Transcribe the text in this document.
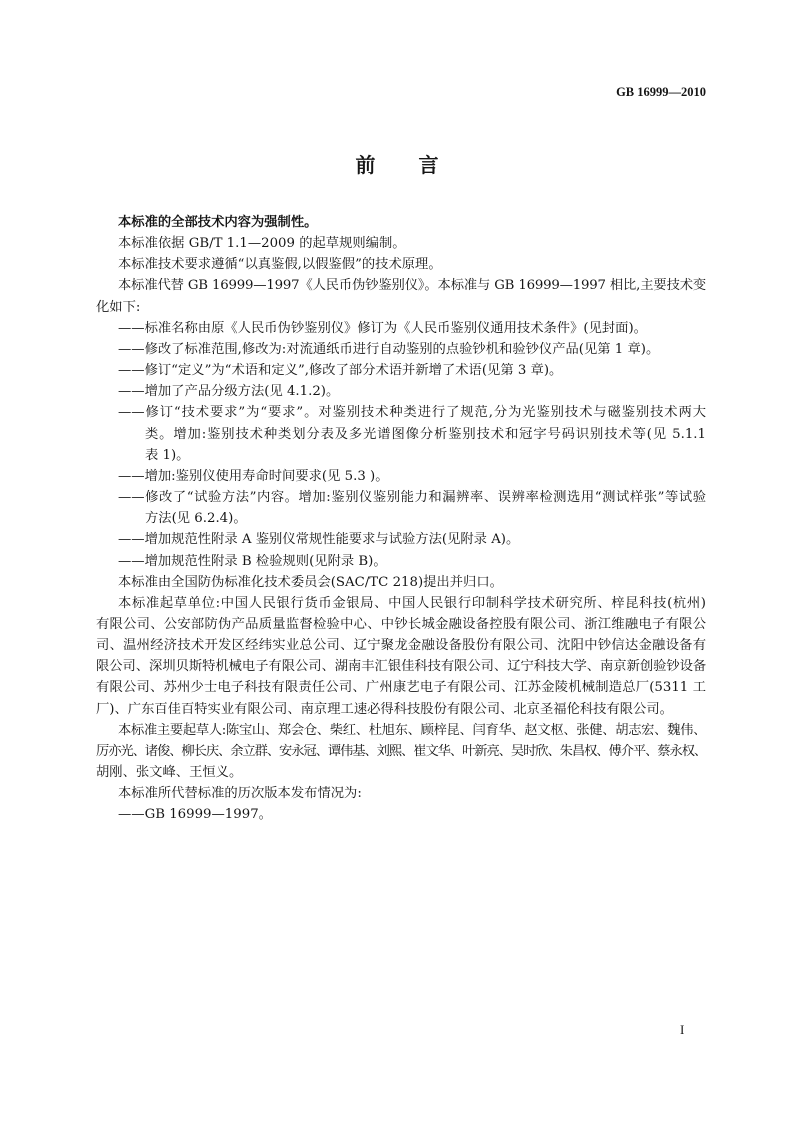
GB 16999—2010
前言
本标准的全部技术内容为强制性。
本标准依据 GB/T 1.1—2009 的起草规则编制。
本标准技术要求遵循“以真鉴假,以假鉴假”的技术原理。
本标准代替 GB 16999—1997《人民币伪钞鉴别仪》。本标准与 GB 16999—1997 相比,主要技术变
化如下:
——标准名称由原《人民币伪钞鉴别仪》修订为《人民币鉴别仪通用技术条件》(见封面)。
——修改了标准范围,修改为:对流通纸币进行自动鉴别的点验钞机和验钞仪产品(见第 1 章)。
——修订“定义”为“术语和定义”,修改了部分术语并新增了术语(见第 3 章)。
——增加了产品分级方法(见 4.1.2)。
——修订“技术要求”为“要求”。对鉴别技术种类进行了规范,分为光鉴别技术与磁鉴别技术两大
类。增加:鉴别技术种类划分表及多光谱图像分析鉴别技术和冠字号码识别技术等(见 5.1.1
表 1)。
——增加:鉴别仪使用寿命时间要求(见 5.3 )。
——修改了“试验方法”内容。增加:鉴别仪鉴别能力和漏辨率、误辨率检测选用“测试样张”等试验
方法(见 6.2.4)。
——增加规范性附录 A 鉴别仪常规性能要求与试验方法(见附录 A)。
——增加规范性附录 B 检验规则(见附录 B)。
本标准由全国防伪标准化技术委员会(SAC/TC 218)提出并归口。
本标准起草单位:中国人民银行货币金银局、中国人民银行印制科学技术研究所、梓昆科技(杭州)
有限公司、公安部防伪产品质量监督检验中心、中钞长城金融设备控股有限公司、浙江维融电子有限公
司、温州经济技术开发区经纬实业总公司、辽宁聚龙金融设备股份有限公司、沈阳中钞信达金融设备有
限公司、深圳贝斯特机械电子有限公司、湖南丰汇银佳科技有限公司、辽宁科技大学、南京新创验钞设备
有限公司、苏州少士电子科技有限责任公司、广州康艺电子有限公司、江苏金陵机械制造总厂(5311 工
厂)、广东百佳百特实业有限公司、南京理工速必得科技股份有限公司、北京圣福伦科技有限公司。
本标准主要起草人:陈宝山、郑会仓、柴红、杜旭东、顾梓昆、闫育华、赵文枢、张健、胡志宏、魏伟、
厉亦光、诸俊、柳长庆、余立群、安永冠、谭伟基、刘熙、崔文华、叶新亮、吴时欣、朱昌权、傅介平、蔡永权、
胡刚、张文峰、王恒义。
本标准所代替标准的历次版本发布情况为:
——GB 16999—1997。
I
